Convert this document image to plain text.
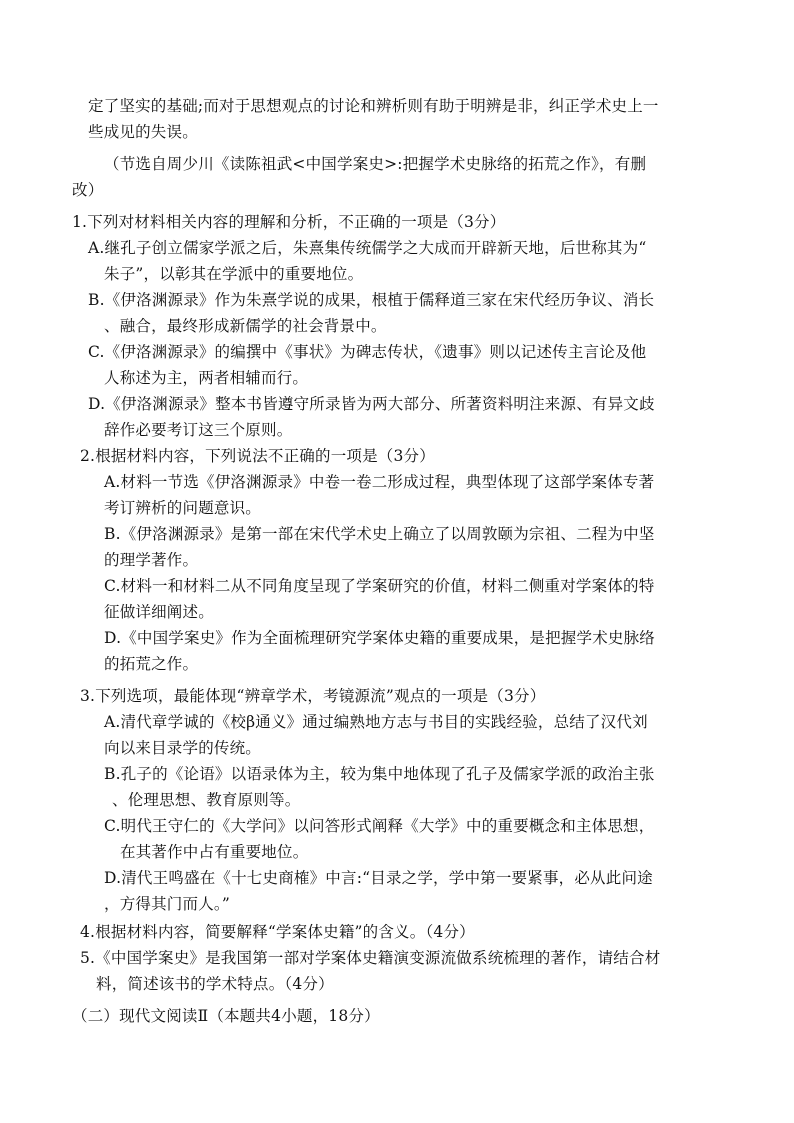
定了坚实的基础;而对于思想观点的讨论和辨析则有助于明辨是非，纠正学术史上一
些成见的失误。
（节选自周少川《读陈祖武<中国学案史>:把握学术史脉络的拓荒之作》，有删
改）
1.下列对材料相关内容的理解和分析，不正确的一项是（3分）
A.继孔子创立儒家学派之后，朱熹集传统儒学之大成而开辟新天地，后世称其为“
朱子”，以彰其在学派中的重要地位。
B.《伊洛渊源录》作为朱熹学说的成果，根植于儒释道三家在宋代经历争议、消长
、融合，最终形成新儒学的社会背景中。
C.《伊洛渊源录》的编撰中《事状》为碑志传状，《遗事》则以记述传主言论及他
人称述为主，两者相辅而行。
D.《伊洛渊源录》整本书皆遵守所录皆为两大部分、所著资料明注来源、有异文歧
辞作必要考订这三个原则。
2.根据材料内容，下列说法不正确的一项是（3分）
A.材料一节选《伊洛渊源录》中卷一卷二形成过程，典型体现了这部学案体专著
考订辨析的问题意识。
B.《伊洛渊源录》是第一部在宋代学术史上确立了以周敦颐为宗祖、二程为中坚
的理学著作。
C.材料一和材料二从不同角度呈现了学案研究的价值，材料二侧重对学案体的特
征做详细阐述。
D.《中国学案史》作为全面梳理研究学案体史籍的重要成果，是把握学术史脉络
的拓荒之作。
3.下列选项，最能体现“辨章学术，考镜源流”观点的一项是（3分）
A.清代章学诚的《校β通义》通过编熟地方志与书目的实践经验，总结了汉代刘
向以来目录学的传统。
B.孔子的《论语》以语录体为主，较为集中地体现了孔子及儒家学派的政治主张
、伦理思想、教育原则等。
C.明代王守仁的《大学问》以问答形式阐释《大学》中的重要概念和主体思想，
在其著作中占有重要地位。
D.清代王鸣盛在《十七史商榷》中言:“目录之学，学中第一要紧事，必从此问途
，方得其门而人。”
4.根据材料内容，简要解释“学案体史籍”的含义。（4分）
5.《中国学案史》是我国第一部对学案体史籍演变源流做系统梳理的著作，请结合材
料，简述该书的学术特点。（4分）
（二）现代文阅读Ⅱ（本题共4小题，18分）
